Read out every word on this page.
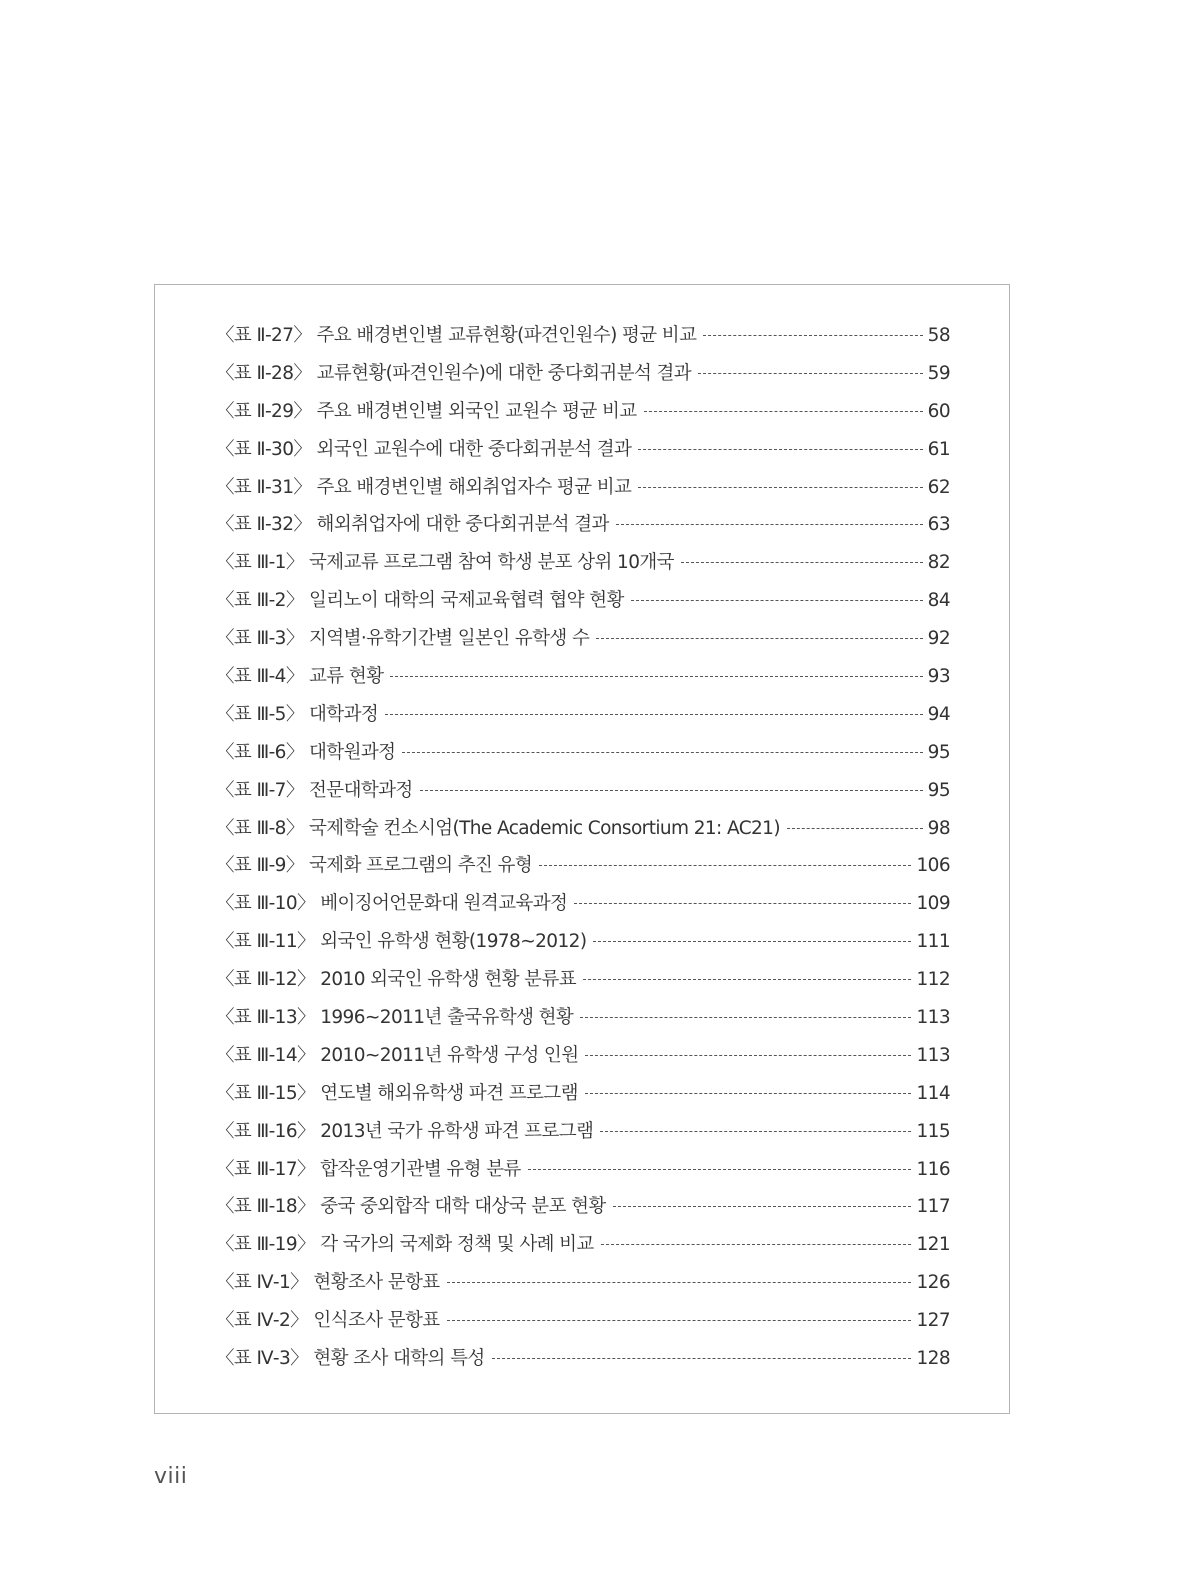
〈표 Ⅱ-27〉 주요 배경변인별 교류현황(파견인원수) 평균 비교	58
〈표 Ⅱ-28〉 교류현황(파견인원수)에 대한 중다회귀분석 결과	59
〈표 Ⅱ-29〉 주요 배경변인별 외국인 교원수 평균 비교	60
〈표 Ⅱ-30〉 외국인 교원수에 대한 중다회귀분석 결과	61
〈표 Ⅱ-31〉 주요 배경변인별 해외취업자수 평균 비교	62
〈표 Ⅱ-32〉 해외취업자에 대한 중다회귀분석 결과	63
〈표 Ⅲ-1〉 국제교류 프로그램 참여 학생 분포 상위 10개국	82
〈표 Ⅲ-2〉 일리노이 대학의 국제교육협력 협약 현황	84
〈표 Ⅲ-3〉 지역별·유학기간별 일본인 유학생 수	92
〈표 Ⅲ-4〉 교류 현황	93
〈표 Ⅲ-5〉 대학과정	94
〈표 Ⅲ-6〉 대학원과정	95
〈표 Ⅲ-7〉 전문대학과정	95
〈표 Ⅲ-8〉 국제학술 컨소시엄(The Academic Consortium 21: AC21)	98
〈표 Ⅲ-9〉 국제화 프로그램의 추진 유형	106
〈표 Ⅲ-10〉 베이징어언문화대 원격교육과정	109
〈표 Ⅲ-11〉 외국인 유학생 현황(1978∼2012)	111
〈표 Ⅲ-12〉 2010 외국인 유학생 현황 분류표	112
〈표 Ⅲ-13〉 1996∼2011년 출국유학생 현황	113
〈표 Ⅲ-14〉 2010∼2011년 유학생 구성 인원	113
〈표 Ⅲ-15〉 연도별 해외유학생 파견 프로그램	114
〈표 Ⅲ-16〉 2013년 국가 유학생 파견 프로그램	115
〈표 Ⅲ-17〉 합작운영기관별 유형 분류	116
〈표 Ⅲ-18〉 중국 중외합작 대학 대상국 분포 현황	117
〈표 Ⅲ-19〉 각 국가의 국제화 정책 및 사례 비교	121
〈표 Ⅳ-1〉 현황조사 문항표	126
〈표 Ⅳ-2〉 인식조사 문항표	127
〈표 Ⅳ-3〉 현황 조사 대학의 특성	128
viii
